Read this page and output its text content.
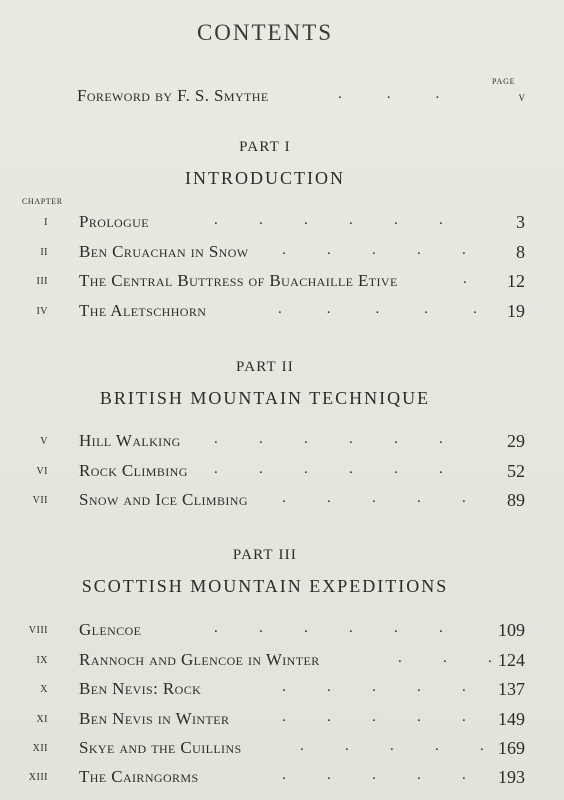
CONTENTS
PAGE
Foreword by F. S. Smythe	.            .            .	v
PART I
INTRODUCTION
CHAPTER
I Prologue	.           .           .           .           .           .	3
II Ben Cruachan in Snow .           .           .           .           .	8
III The Central Buttress of Buachaille Etive	. 12
IV The Aletschhorn	.            .            .            .            . 19
PART II
BRITISH MOUNTAIN TECHNIQUE
V Hill Walking .           .           .           .           .           .	29
VI Rock Climbing .           .           .           .           .           .	52
VII Snow and Ice Climbing .           .           .           .           . 89
PART III
SCOTTISH MOUNTAIN EXPEDITIONS
VIII Glencoe	.           .           .           .           .           .	109
IX Rannoch and Glencoe in Winter	.           .           . 124
X Ben Nevis: Rock	.           .           .           .           . 137
XI Ben Nevis in Winter	.           .           .           .           . 149
XII Skye and the Cuillins	.           .           .           .           . 169
XIII The Cairngorms	.           .           .           .           . 193
